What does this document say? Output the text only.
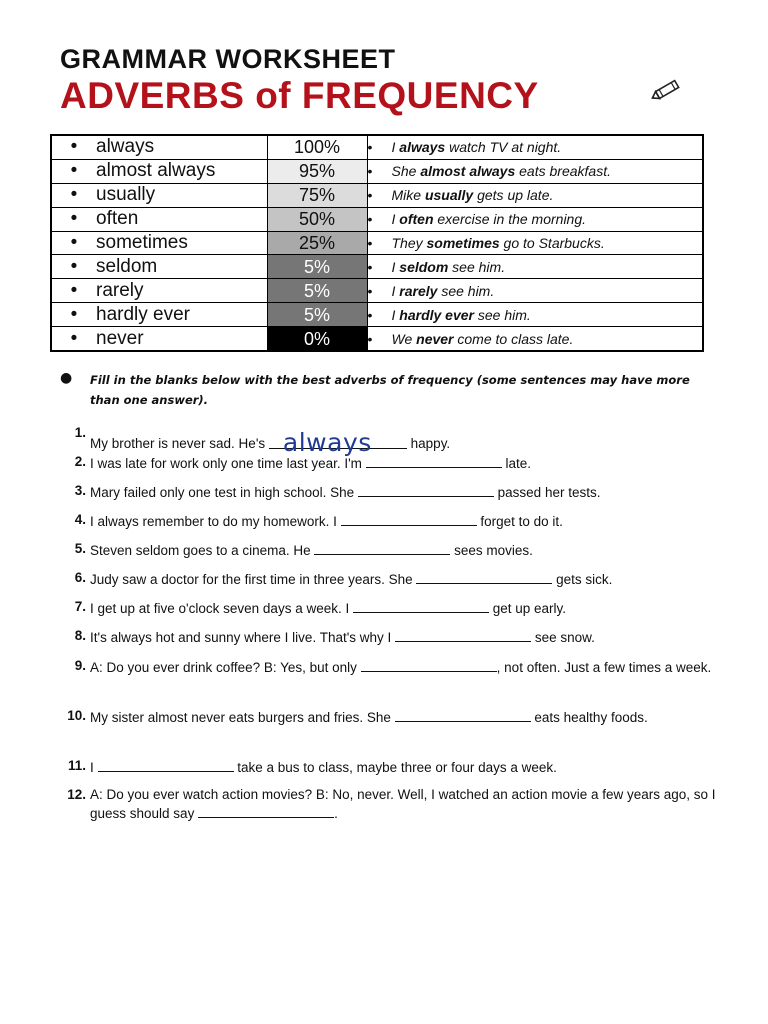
GRAMMAR WORKSHEET
ADVERBS of FREQUENCY
• always	100%	• I always watch TV at night.
• almost always	95%	• She almost always eats breakfast.
• usually	75%	• Mike usually gets up late.
• often	50%	• I often exercise in the morning.
• sometimes	25%	• They sometimes go to Starbucks.
• seldom	5%	• I seldom see him.
• rarely	5%	• I rarely see him.
• hardly ever	5%	• I hardly ever see him.
• never	0%	• We never come to class late.
● Fill in the blanks below with the best adverbs of frequency (some sentences may have more than one answer).
1.
My brother is never sad. He's always	happy.
2. I was late for work only one time last year. I'm	late.
3. Mary failed only one test in high school. She	passed her tests.
4. I always remember to do my homework. I	forget to do it.
5. Steven seldom goes to a cinema. He	sees movies.
6. Judy saw a doctor for the first time in three years. She	gets sick.
7. I get up at five o'clock seven days a week. I	get up early.
8. It's always hot and sunny where I live. That's why I	see snow.
9. A: Do you ever drink coffee? B: Yes, but only	, not often. Just a few times a week.
10. My sister almost never eats burgers and fries. She	eats healthy foods.
11. I	take a bus to class, maybe three or four days a week.
12. A: Do you ever watch action movies? B: No, never. Well, I watched an action movie a few years ago, so I guess should say	.
